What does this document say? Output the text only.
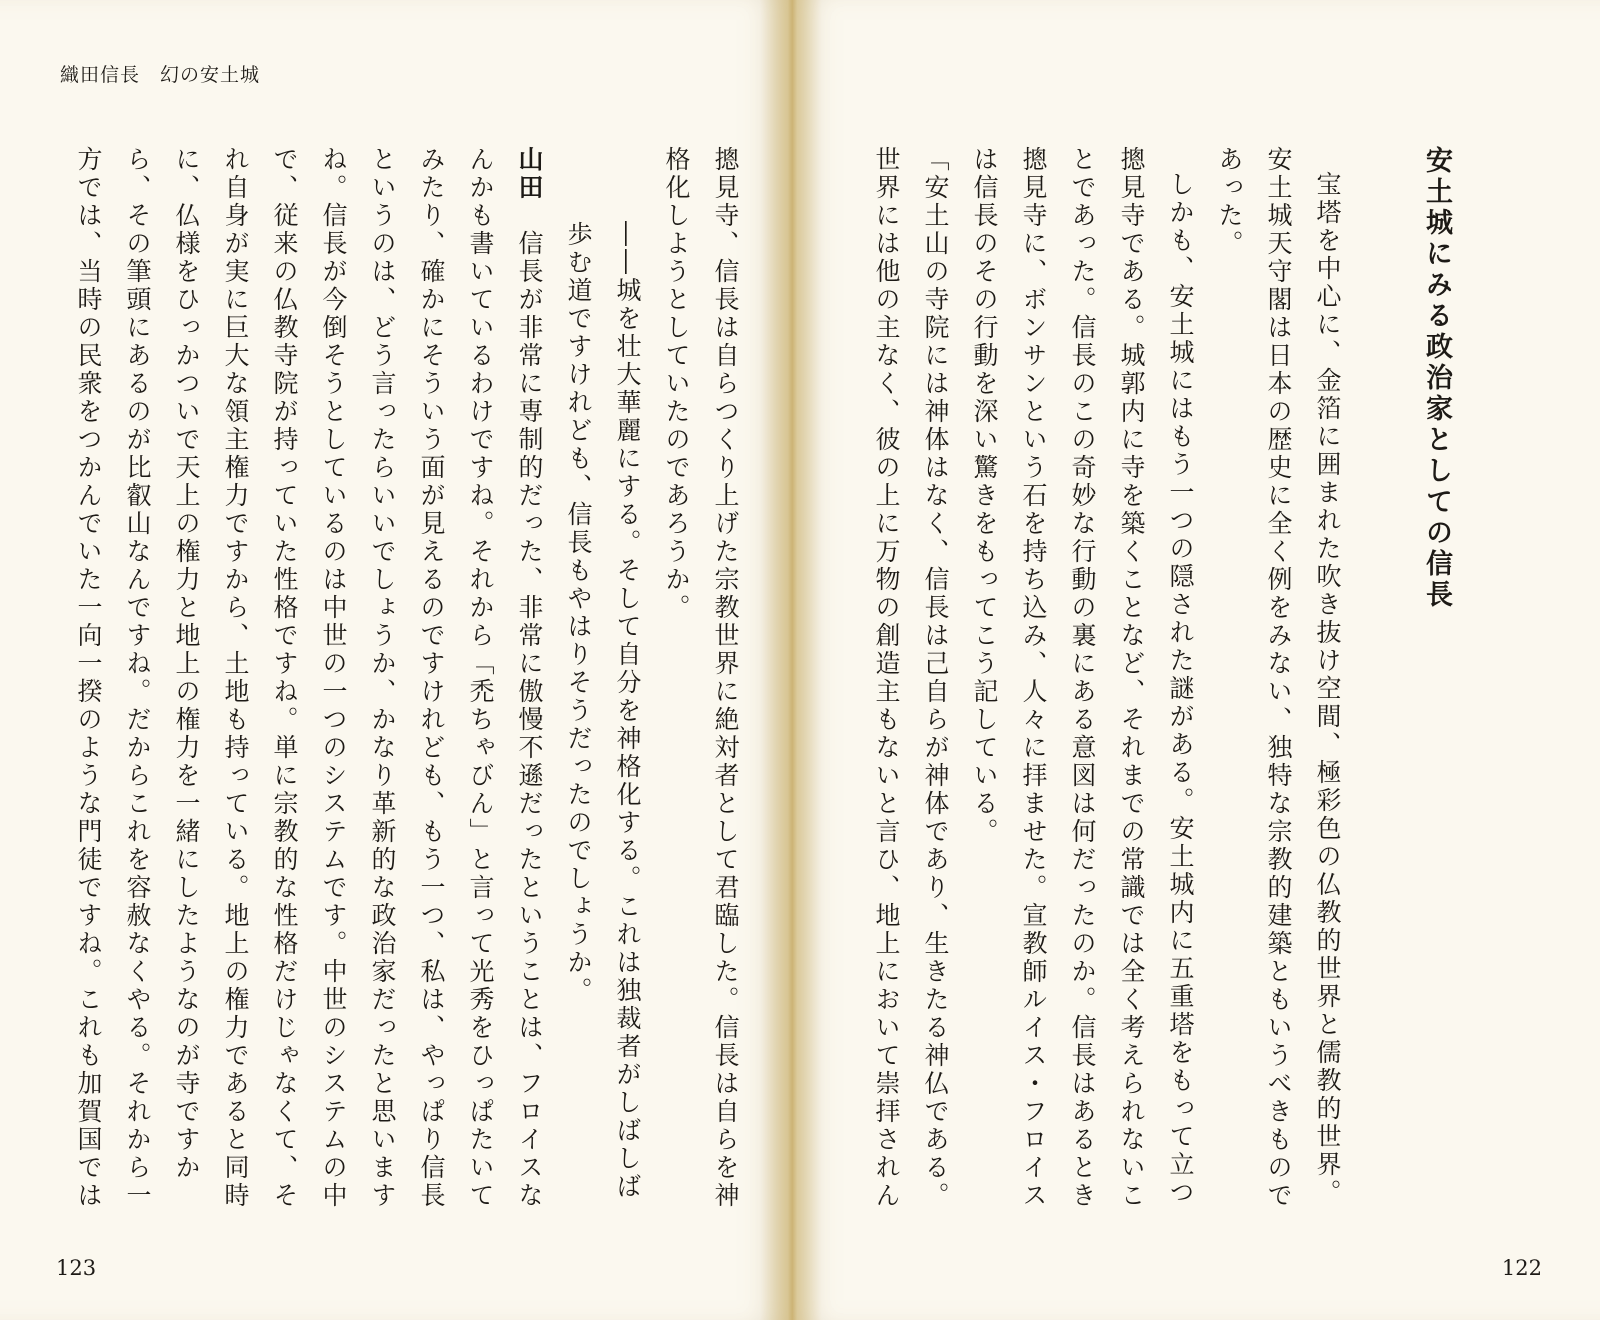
織田信長　幻の安土城
安土城にみる政治家としての信長

宝塔を中心に、金箔に囲まれた吹き抜け空間、極彩色の仏教的世界と儒教的世界。安土城天守閣は日本の歴史に全く例をみない、独特な宗教的建築ともいうべきものであった。

しかも、安土城にはもう一つの隠された謎がある。安土城内に五重塔をもって立つ摠見寺である。城郭内に寺を築くことなど、それまでの常識では全く考えられないことであった。信長のこの奇妙な行動の裏にある意図は何だったのか。信長はあるとき摠見寺に、ボンサンという石を持ち込み、人々に拝ませた。宣教師ルイス・フロイスは信長のその行動を深い驚きをもってこう記している。

「安土山の寺院には神体はなく、信長は己自らが神体であり、生きたる神仏である。世界には他の主なく、彼の上に万物の創造主もないと言ひ、地上において崇拝されん

摠見寺、信長は自らつくり上げた宗教世界に絶対者として君臨した。信長は自らを神格化しようとしていたのであろうか。

――城を壮大華麗にする。そして自分を神格化する。これは独裁者がしばしば歩む道ですけれども、信長もやはりそうだったのでしょうか。

山田　信長が非常に専制的だった、非常に傲慢不遜だったということは、フロイスなんかも書いているわけですね。それから「禿ちゃびん」と言って光秀をひっぱたいてみたり、確かにそういう面が見えるのですけれども、もう一つ、私は、やっぱり信長というのは、どう言ったらいいでしょうか、かなり革新的な政治家だったと思いますね。信長が今倒そうとしているのは中世の一つのシステムです。中世のシステムの中で、従来の仏教寺院が持っていた性格ですね。単に宗教的な性格だけじゃなくて、それ自身が実に巨大な領主権力ですから、土地も持っている。地上の権力であると同時に、仏様をひっかついで天上の権力と地上の権力を一緒にしたようなのが寺ですから、その筆頭にあるのが比叡山なんですね。だからこれを容赦なくやる。それから一方では、当時の民衆をつかんでいた一向一揆のような門徒ですね。これも加賀国では

123	122
